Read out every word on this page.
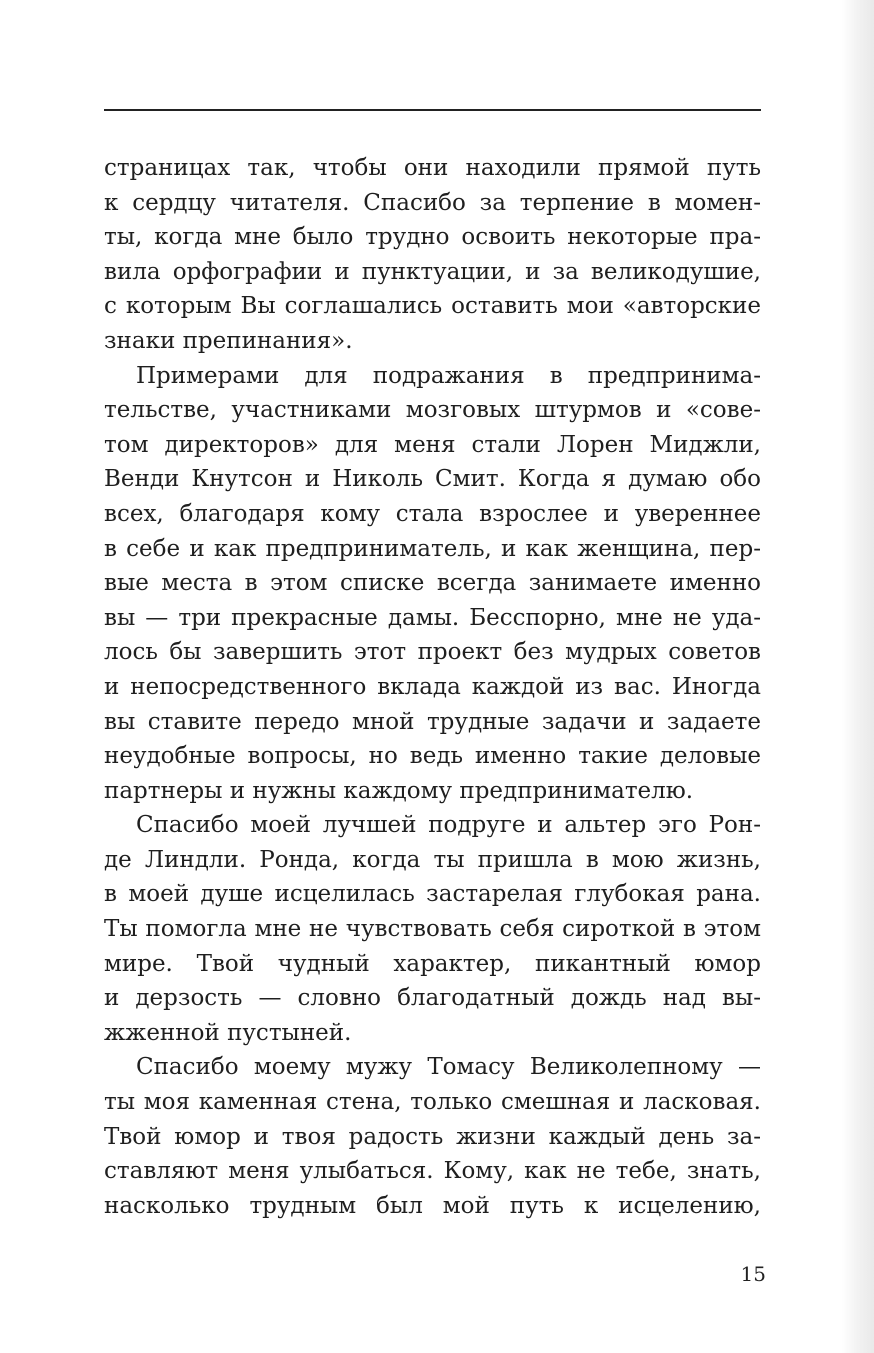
страницах так, чтобы они находили прямой путь
к сердцу читателя. Спасибо за терпение в момен-
ты, когда мне было трудно освоить некоторые пра-
вила орфографии и пунктуации, и за великодушие,
с которым Вы соглашались оставить мои «авторские
знаки препинания».
Примерами для подражания в предпринима-
тельстве, участниками мозговых штурмов и «сове-
том директоров» для меня стали Лорен Миджли,
Венди Кнутсон и Николь Смит. Когда я думаю обо
всех, благодаря кому стала взрослее и увереннее
в себе и как предприниматель, и как женщина, пер-
вые места в этом списке всегда занимаете именно
вы — три прекрасные дамы. Бесспорно, мне не уда-
лось бы завершить этот проект без мудрых советов
и непосредственного вклада каждой из вас. Иногда
вы ставите передо мной трудные задачи и задаете
неудобные вопросы, но ведь именно такие деловые
партнеры и нужны каждому предпринимателю.
Спасибо моей лучшей подруге и альтер эго Рон-
де Линдли. Ронда, когда ты пришла в мою жизнь,
в моей душе исцелилась застарелая глубокая рана.
Ты помогла мне не чувствовать себя сироткой в этом
мире. Твой чудный характер, пикантный юмор
и дерзость — словно благодатный дождь над вы-
жженной пустыней.
Спасибо моему мужу Томасу Великолепному —
ты моя каменная стена, только смешная и ласковая.
Твой юмор и твоя радость жизни каждый день за-
ставляют меня улыбаться. Кому, как не тебе, знать,
насколько трудным был мой путь к исцелению,
15
